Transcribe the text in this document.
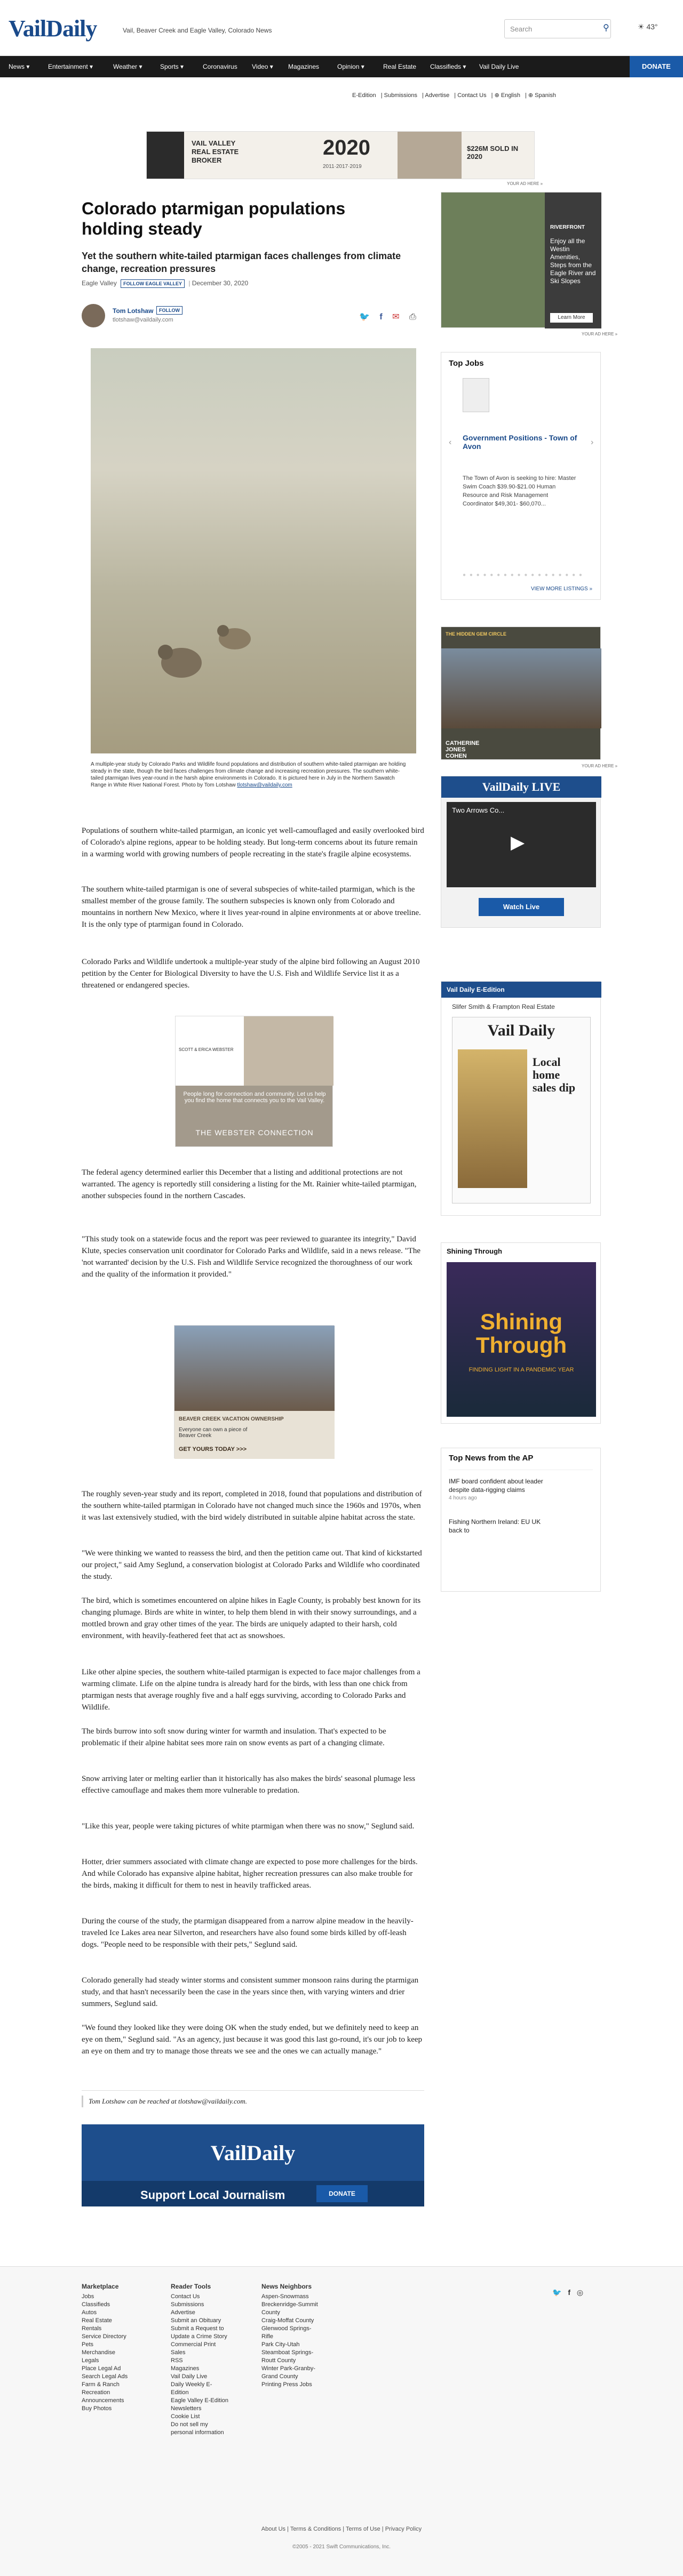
VailDaily	Vail, Beaver Creek and Eagle Valley, Colorado News	Search	⚲	☀ 43°
News ▾	Entertainment ▾	Weather ▾	Sports ▾	Coronavirus Video ▾ Magazines	Opinion ▾	Real Estate Classifieds ▾ Vail Daily Live	DONATE
E-Edition | Submissions | Advertise | Contact Us | ⊕ English | ⊕ Spanish
VAIL VALLEY REAL ESTATE BROKER
2020
2011·2017·2019
$226M SOLD IN 2020
YOUR AD HERE »
Colorado ptarmigan populations holding steady
Yet the southern white-tailed ptarmigan faces challenges from climate change, recreation pressures
Eagle Valley FOLLOW EAGLE VALLEY | December 30, 2020
Tom Lotshaw	FOLLOW
tlotshaw@vaildaily.com	🐦 f ✉ ⎙

A multiple-year study by Colorado Parks and Wildlife found populations and distribution of southern white-tailed ptarmigan are holding steady in the state, though the bird faces challenges from climate change and increasing recreation pressures. The southern white-tailed ptarmigan lives year-round in the harsh alpine environments in Colorado. It is pictured here in July in the Northern Sawatch Range in White River National Forest. Photo by Tom Lotshaw tlotshaw@vaildaily.com

Populations of southern white-tailed ptarmigan, an iconic yet well-camouflaged and easily overlooked bird of Colorado's alpine regions, appear to be holding steady. But long-term concerns about its future remain in a warming world with growing numbers of people recreating in the state's fragile alpine ecosystems.

The southern white-tailed ptarmigan is one of several subspecies of white-tailed ptarmigan, which is the smallest member of the grouse family. The southern subspecies is known only from Colorado and mountains in northern New Mexico, where it lives year-round in alpine environments at or above treeline. It is the only type of ptarmigan found in Colorado.

Colorado Parks and Wildlife undertook a multiple-year study of the alpine bird following an August 2010 petition by the Center for Biological Diversity to have the U.S. Fish and Wildlife Service list it as a threatened or endangered species.

SCOTT & ERICA WEBSTER
People long for connection and community. Let us help you find the home that connects you to the Vail Valley.
THE WEBSTER CONNECTION

The federal agency determined earlier this December that a listing and additional protections are not warranted. The agency is reportedly still considering a listing for the Mt. Rainier white-tailed ptarmigan, another subspecies found in the northern Cascades.

"This study took on a statewide focus and the report was peer reviewed to guarantee its integrity," David Klute, species conservation unit coordinator for Colorado Parks and Wildlife, said in a news release. "The 'not warranted' decision by the U.S. Fish and Wildlife Service recognized the thoroughness of our work and the quality of the information it provided."

BEAVER CREEK VACATION OWNERSHIP
Everyone can own a piece of Beaver Creek
GET YOURS TODAY >>>

The roughly seven-year study and its report, completed in 2018, found that populations and distribution of the southern white-tailed ptarmigan in Colorado have not changed much since the 1960s and 1970s, when it was last extensively studied, with the bird widely distributed in suitable alpine habitat across the state.

"We were thinking we wanted to reassess the bird, and then the petition came out. That kind of kickstarted our project," said Amy Seglund, a conservation biologist at Colorado Parks and Wildlife who coordinated the study.

The bird, which is sometimes encountered on alpine hikes in Eagle County, is probably best known for its changing plumage. Birds are white in winter, to help them blend in with their snowy surroundings, and a mottled brown and gray other times of the year. The birds are uniquely adapted to their harsh, cold environment, with heavily-feathered feet that act as snowshoes.

Like other alpine species, the southern white-tailed ptarmigan is expected to face major challenges from a warming climate. Life on the alpine tundra is already hard for the birds, with less than one chick from ptarmigan nests that average roughly five and a half eggs surviving, according to Colorado Parks and Wildlife.

The birds burrow into soft snow during winter for warmth and insulation. That's expected to be problematic if their alpine habitat sees more rain on snow events as part of a changing climate.

Snow arriving later or melting earlier than it historically has also makes the birds' seasonal plumage less effective camouflage and makes them more vulnerable to predation.

"Like this year, people were taking pictures of white ptarmigan when there was no snow," Seglund said.

Hotter, drier summers associated with climate change are expected to pose more challenges for the birds. And while Colorado has expansive alpine habitat, higher recreation pressures can also make trouble for the birds, making it difficult for them to nest in heavily trafficked areas.

During the course of the study, the ptarmigan disappeared from a narrow alpine meadow in the heavily-traveled Ice Lakes area near Silverton, and researchers have also found some birds killed by off-leash dogs. "People need to be responsible with their pets," Seglund said.

Colorado generally had steady winter storms and consistent summer monsoon rains during the ptarmigan study, and that hasn't necessarily been the case in the years since then, with varying winters and drier summers, Seglund said.

"We found they looked like they were doing OK when the study ended, but we definitely need to keep an eye on them," Seglund said. "As an agency, just because it was good this last go-round, it's our job to keep an eye on them and try to manage those threats we see and the ones we can actually manage."

Tom Lotshaw can be reached at tlotshaw@vaildaily.com.

VailDaily
Support Local Journalism	DONATE
RIVERFRONT
Enjoy all the Westin Amenities, Steps from the Eagle River and Ski Slopes
Learn More
YOUR AD HERE »
Top Jobs
‹	›
Government Positions - Town of Avon
The Town of Avon is seeking to hire: Master Swim Coach $39.90-$21.00 Human Resource and Risk Management Coordinator $49,301- $60,070...
● ● ● ● ● ● ● ● ● ● ● ● ● ● ● ● ● ●
VIEW MORE LISTINGS »
THE HIDDEN GEM CIRCLE
CATHERINE JONES COHEN
YOUR AD HERE »
VailDaily LIVE
Two Arrows Co...
▶
Watch Live
Vail Daily E-Edition
Slifer Smith & Frampton Real Estate
Vail Daily
Local home sales dip
Shining Through
Shining Through
FINDING LIGHT IN A PANDEMIC YEAR
Top News from the AP
IMF board confident about leader despite data-rigging claims
4 hours ago
Fishing Northern Ireland: EU UK back to
Marketplace
Jobs
Classifieds
Autos
Real Estate
Rentals
Service Directory
Pets
Merchandise
Legals
Place Legal Ad
Search Legal Ads
Farm & Ranch
Recreation
Announcements
Buy Photos
Reader Tools
Contact Us
Submissions
Advertise
Submit an Obituary
Submit a Request to Update a Crime Story
Commercial Print Sales
RSS
Magazines
Vail Daily Live
Daily Weekly E-Edition
Eagle Valley E-Edition
Newsletters
Cookie List
Do not sell my personal information
News Neighbors
Aspen-Snowmass
Breckenridge-Summit County
Craig-Moffat County
Glenwood Springs-Rifle
Park City-Utah
Steamboat Springs-Routt County
Winter Park-Granby-Grand County
Printing Press Jobs
🐦 f ◎
About Us | Terms & Conditions | Terms of Use | Privacy Policy
©2005 - 2021 Swift Communications, Inc.
